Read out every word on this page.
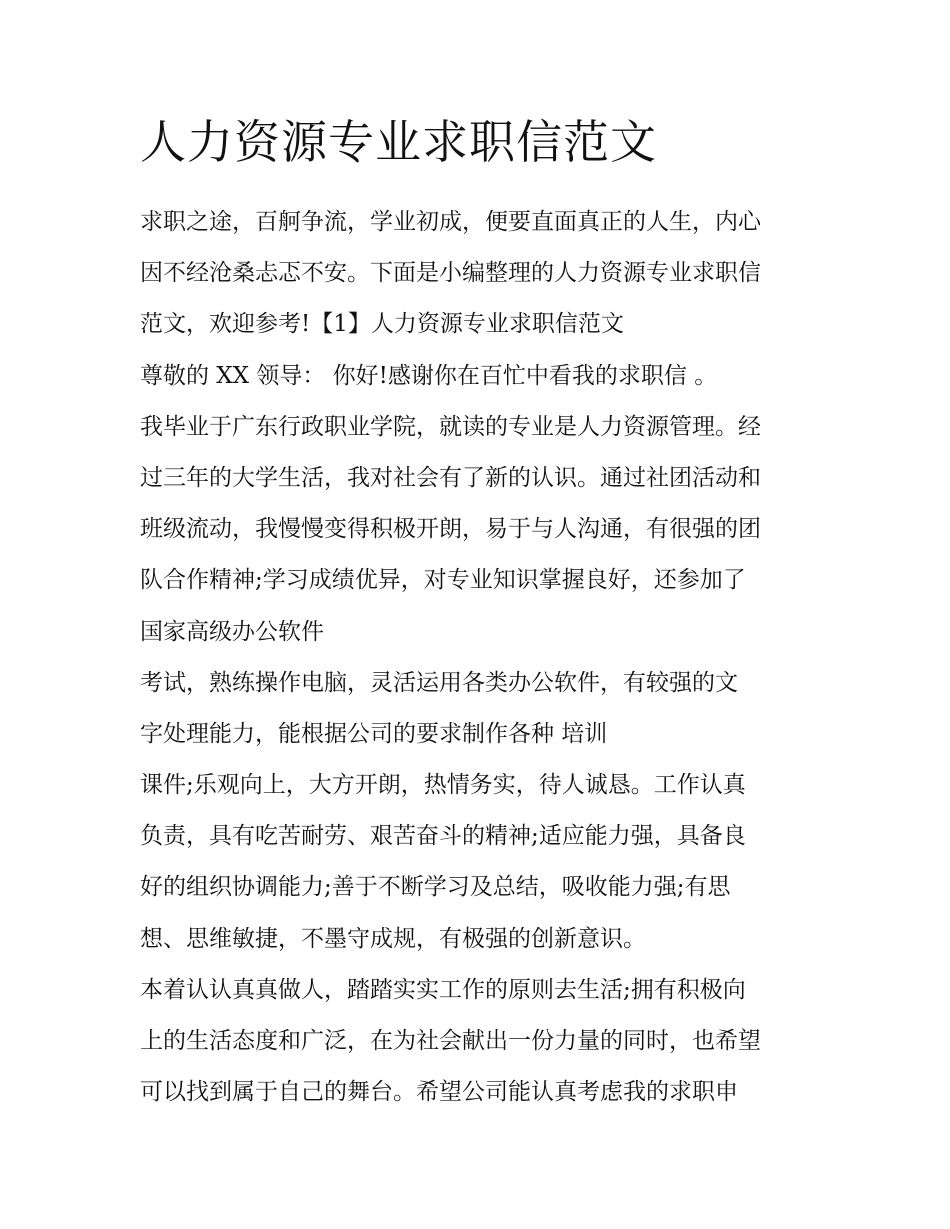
人力资源专业求职信范文
求职之途，百舸争流，学业初成，便要直面真正的人生，内心
因不经沧桑忐忑不安。下面是小编整理的人力资源专业求职信
范文，欢迎参考!【1】人力资源专业求职信范文
尊敬的 XX 领导： 你好!感谢你在百忙中看我的求职信 。
我毕业于广东行政职业学院，就读的专业是人力资源管理。经
过三年的大学生活，我对社会有了新的认识。通过社团活动和
班级流动，我慢慢变得积极开朗，易于与人沟通，有很强的团
队合作精神;学习成绩优异，对专业知识掌握良好，还参加了
国家高级办公软件
考试，熟练操作电脑，灵活运用各类办公软件，有较强的文
字处理能力，能根据公司的要求制作各种 培训
课件;乐观向上，大方开朗，热情务实，待人诚恳。工作认真
负责，具有吃苦耐劳、艰苦奋斗的精神;适应能力强，具备良
好的组织协调能力;善于不断学习及总结，吸收能力强;有思
想、思维敏捷，不墨守成规，有极强的创新意识。
本着认认真真做人，踏踏实实工作的原则去生活;拥有积极向
上的生活态度和广泛，在为社会献出一份力量的同时，也希望
可以找到属于自己的舞台。希望公司能认真考虑我的求职申
